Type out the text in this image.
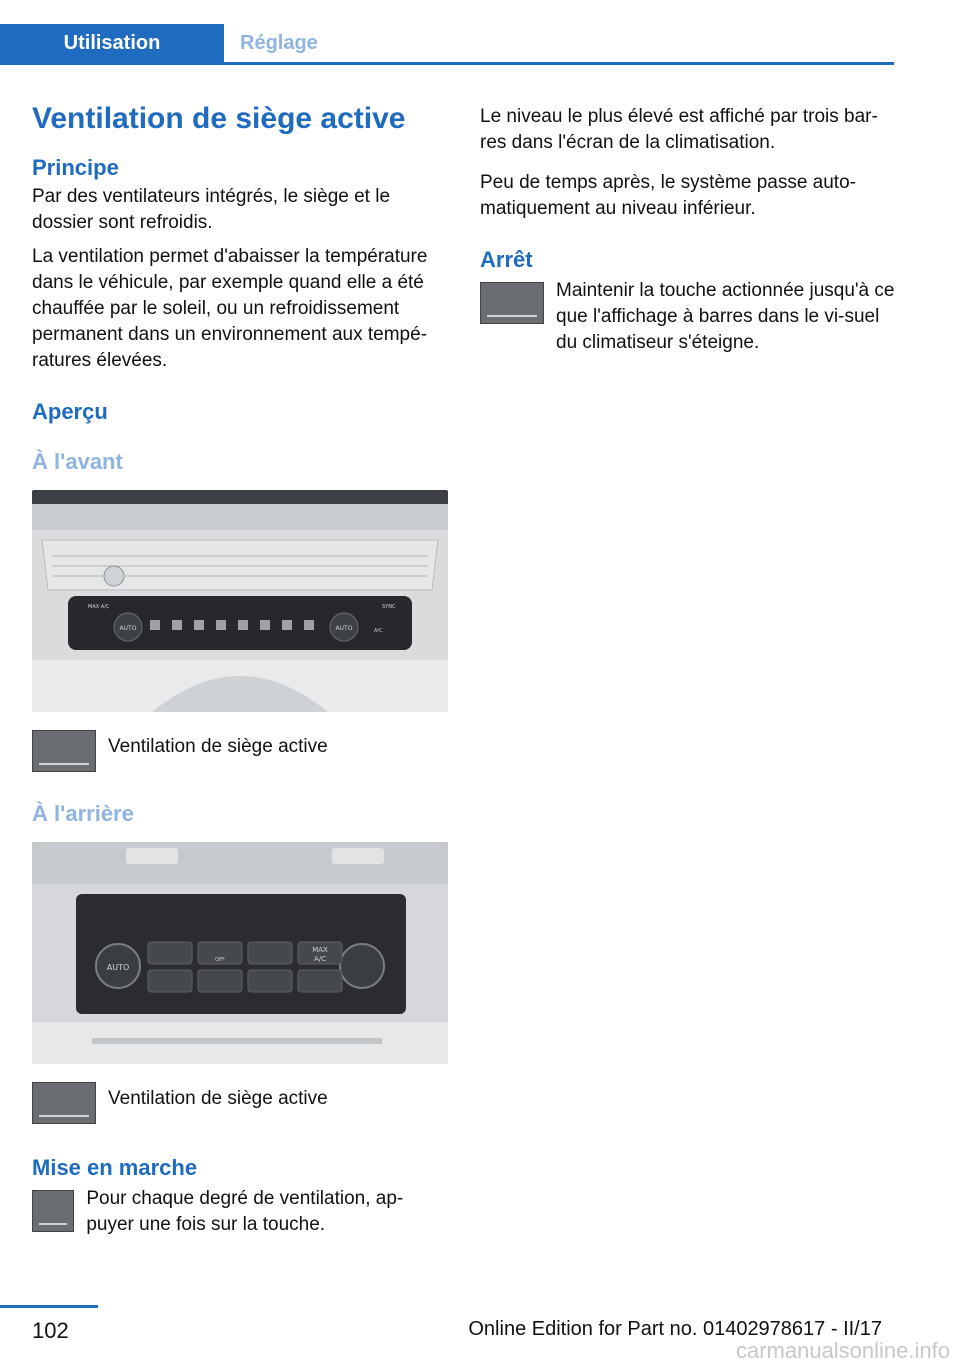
Utilisation	Réglage
Ventilation de siège active
Principe

Par des ventilateurs intégrés, le siège et le dossier sont refroidis.

La ventilation permet d'abaisser la température dans le véhicule, par exemple quand elle a été chauffée par le soleil, ou un refroidissement permanent dans un environnement aux tempé-ratures élevées.

Aperçu
À l'avant
AUTO	AUTO
MAX A/C	SYNC
A/C
Ventilation de siège active
À l'arrière
AUTO
MAX
A/C
OFF
Ventilation de siège active
Mise en marche
Pour chaque degré de ventilation, ap-puyer une fois sur la touche.

Le niveau le plus élevé est affiché par trois bar-res dans l'écran de la climatisation.

Peu de temps après, le système passe auto-matiquement au niveau inférieur.

Arrêt
Maintenir la touche actionnée jusqu'à ce que l'affichage à barres dans le vi-suel du climatiseur s'éteigne.
102	Online Edition for Part no. 01402978617 - II/17
carmanualsonline.info
